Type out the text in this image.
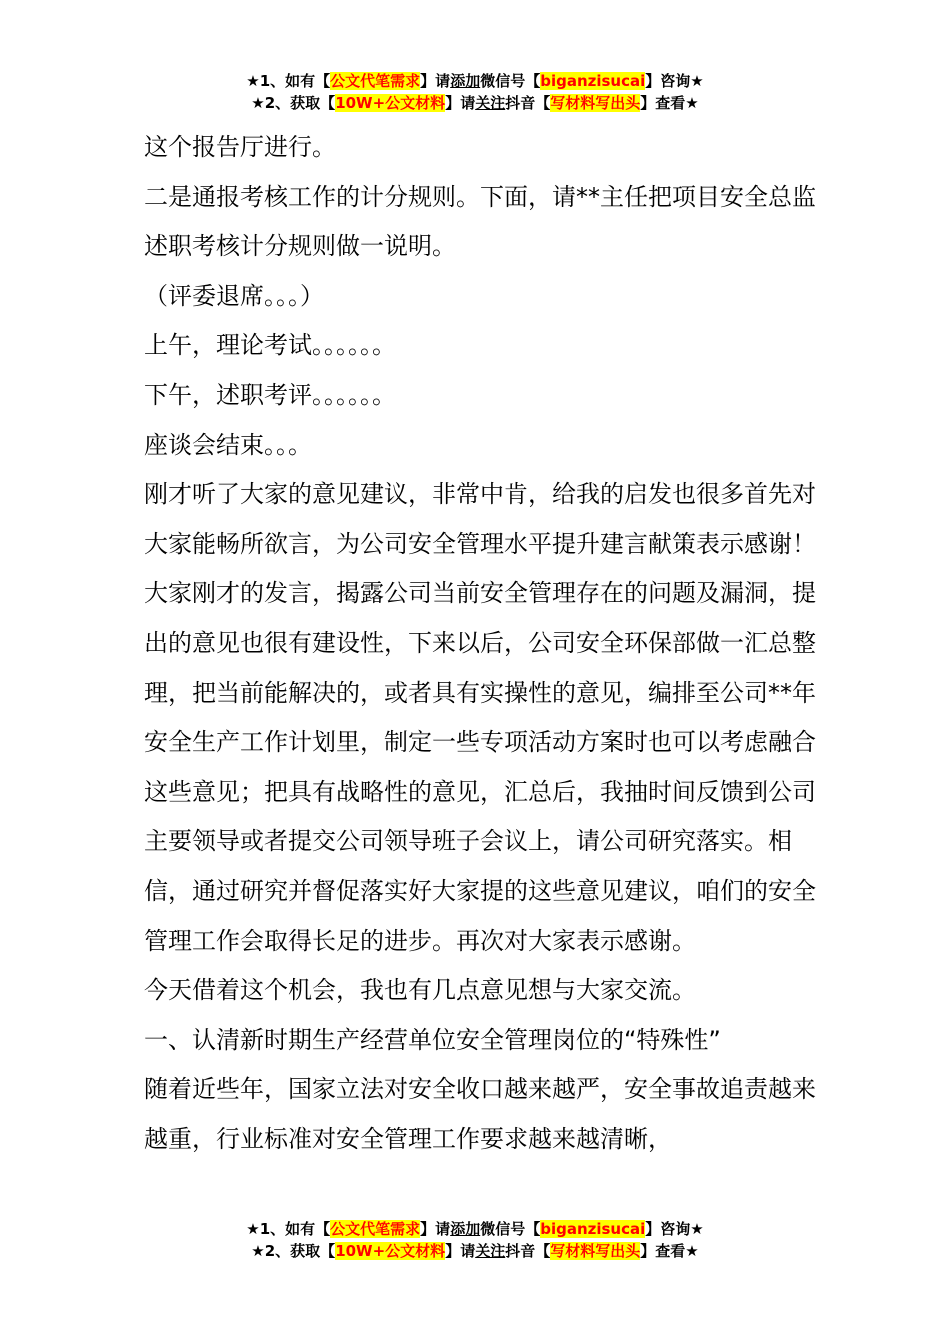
★1、如有【公文代笔需求】请添加微信号【biganzisucai】咨询★
★2、获取【10W+公文材料】请关注抖音【写材料写出头】查看★

这个报告厅进行。

二是通报考核工作的计分规则。下面，请**主任把项目安全总监述职考核计分规则做一说明。

（评委退席。。。）

上午，理论考试。。。。。。

下午，述职考评。。。。。。

座谈会结束。。。

刚才听了大家的意见建议，非常中肯，给我的启发也很多首先对大家能畅所欲言，为公司安全管理水平提升建言献策表示感谢！大家刚才的发言，揭露公司当前安全管理存在的问题及漏洞，提出的意见也很有建设性，下来以后，公司安全环保部做一汇总整理，把当前能解决的，或者具有实操性的意见，编排至公司**年安全生产工作计划里，制定一些专项活动方案时也可以考虑融合这些意见；把具有战略性的意见，汇总后，我抽时间反馈到公司主要领导或者提交公司领导班子会议上，请公司研究落实。相信，通过研究并督促落实好大家提的这些意见建议，咱们的安全管理工作会取得长足的进步。再次对大家表示感谢。

今天借着这个机会，我也有几点意见想与大家交流。

一、认清新时期生产经营单位安全管理岗位的“特殊性”

随着近些年，国家立法对安全收口越来越严，安全事故追责越来越重，行业标准对安全管理工作要求越来越清晰，

★1、如有【公文代笔需求】请添加微信号【biganzisucai】咨询★
★2、获取【10W+公文材料】请关注抖音【写材料写出头】查看★
